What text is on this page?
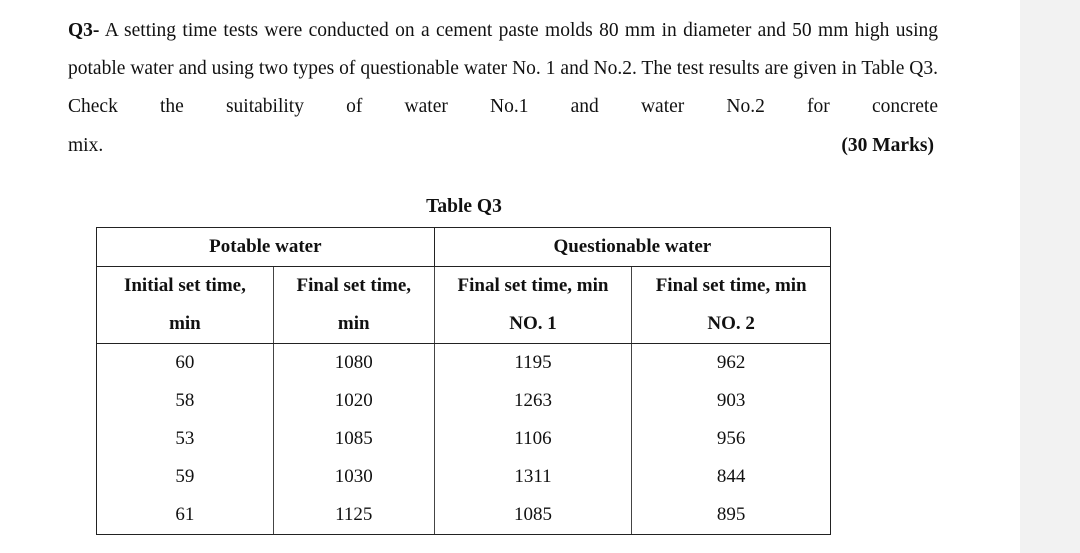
Q3- A setting time tests were conducted on a cement paste molds 80 mm in diameter and 50 mm high using potable water and using two types of questionable water No. 1 and No.2. The test results are given in Table Q3. Check the suitability of water No.1 and water No.2 for concrete
mix.	(30 Marks)
Table Q3
Potable water		Questionable water	
Initial set time,	Final set time,	Final set time, min	Final set time, min
min	min	NO. 1	NO. 2
60	1080	1195	962
58	1020	1263	903
53	1085	1106	956
59	1030	1311	844
61	1125	1085	895
